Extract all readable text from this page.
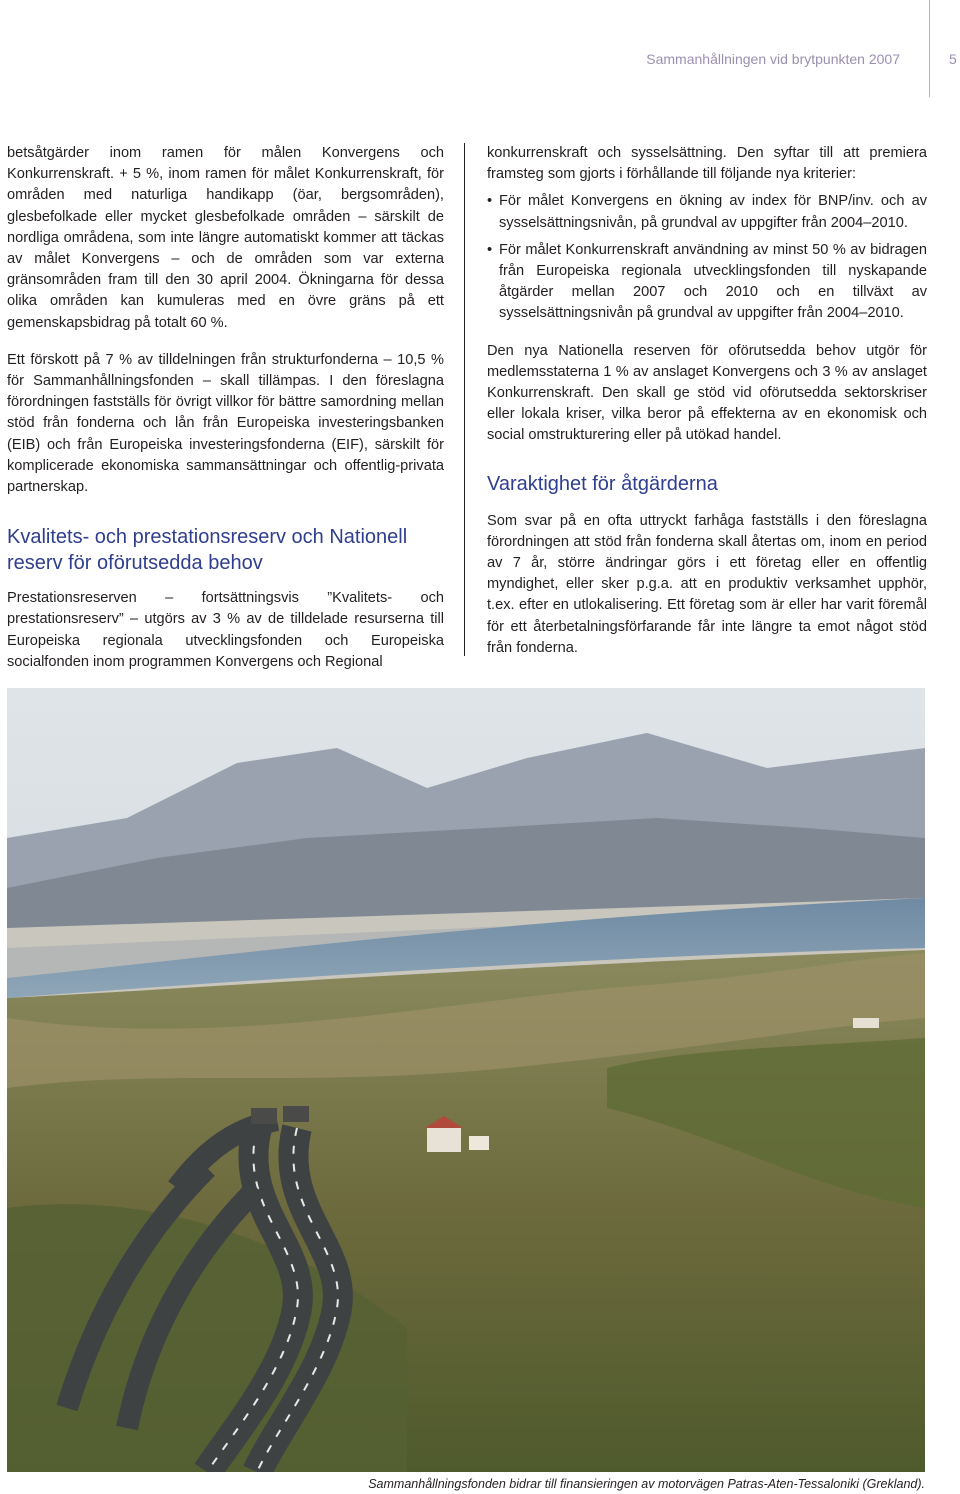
Sammanhållningen vid brytpunkten 2007	5

betsåtgärder inom ramen för målen Konvergens och Konkurrenskraft. + 5 %, inom ramen för målet Konkurrenskraft, för områden med naturliga handikapp (öar, bergsområden), glesbefolkade eller mycket glesbefolkade områden – särskilt de nordliga områdena, som inte längre automatiskt kommer att täckas av målet Konvergens – och de områden som var externa gränsområden fram till den 30 april 2004. Ökningarna för dessa olika områden kan kumuleras med en övre gräns på ett gemenskapsbidrag på totalt 60 %.

Ett förskott på 7 % av tilldelningen från strukturfonderna – 10,5 % för Sammanhållningsfonden – skall tillämpas. I den föreslagna förordningen fastställs för övrigt villkor för bättre samordning mellan stöd från fonderna och lån från Europeiska investeringsbanken (EIB) och från Europeiska investeringsfonderna (EIF), särskilt för komplicerade ekonomiska sammansättningar och offentlig-privata partnerskap.

Kvalitets- och prestationsreserv och Nationell reserv för oförutsedda behov

Prestationsreserven – fortsättningsvis ”Kvalitets- och prestationsreserv” – utgörs av 3 % av de tilldelade resurserna till Europeiska regionala utvecklingsfonden och Europeiska socialfonden inom programmen Konvergens och Regional

konkurrenskraft och sysselsättning. Den syftar till att premiera framsteg som gjorts i förhållande till följande nya kriterier:

• För målet Konvergens en ökning av index för BNP/inv. och av sysselsättningsnivån, på grundval av uppgifter från 2004–2010.
• För målet Konkurrenskraft användning av minst 50 % av bidragen från Europeiska regionala utvecklingsfonden till nyskapande åtgärder mellan 2007 och 2010 och en tillväxt av sysselsättningsnivån på grundval av uppgifter från 2004–2010.

Den nya Nationella reserven för oförutsedda behov utgör för medlemsstaterna 1 % av anslaget Konvergens och 3 % av anslaget Konkurrenskraft. Den skall ge stöd vid oförutsedda sektorskriser eller lokala kriser, vilka beror på effekterna av en ekonomisk och social omstrukturering eller på utökad handel.

Varaktighet för åtgärderna

Som svar på en ofta uttryckt farhåga fastställs i den föreslagna förordningen att stöd från fonderna skall återtas om, inom en period av 7 år, större ändringar görs i ett företag eller en offentlig myndighet, eller sker p.g.a. att en produktiv verksamhet upphör, t.ex. efter en utlokalisering. Ett företag som är eller har varit föremål för ett återbetalningsförfarande får inte längre ta emot något stöd från fonderna.

Sammanhållningsfonden bidrar till finansieringen av motorvägen Patras-Aten-Tessaloniki (Grekland).
